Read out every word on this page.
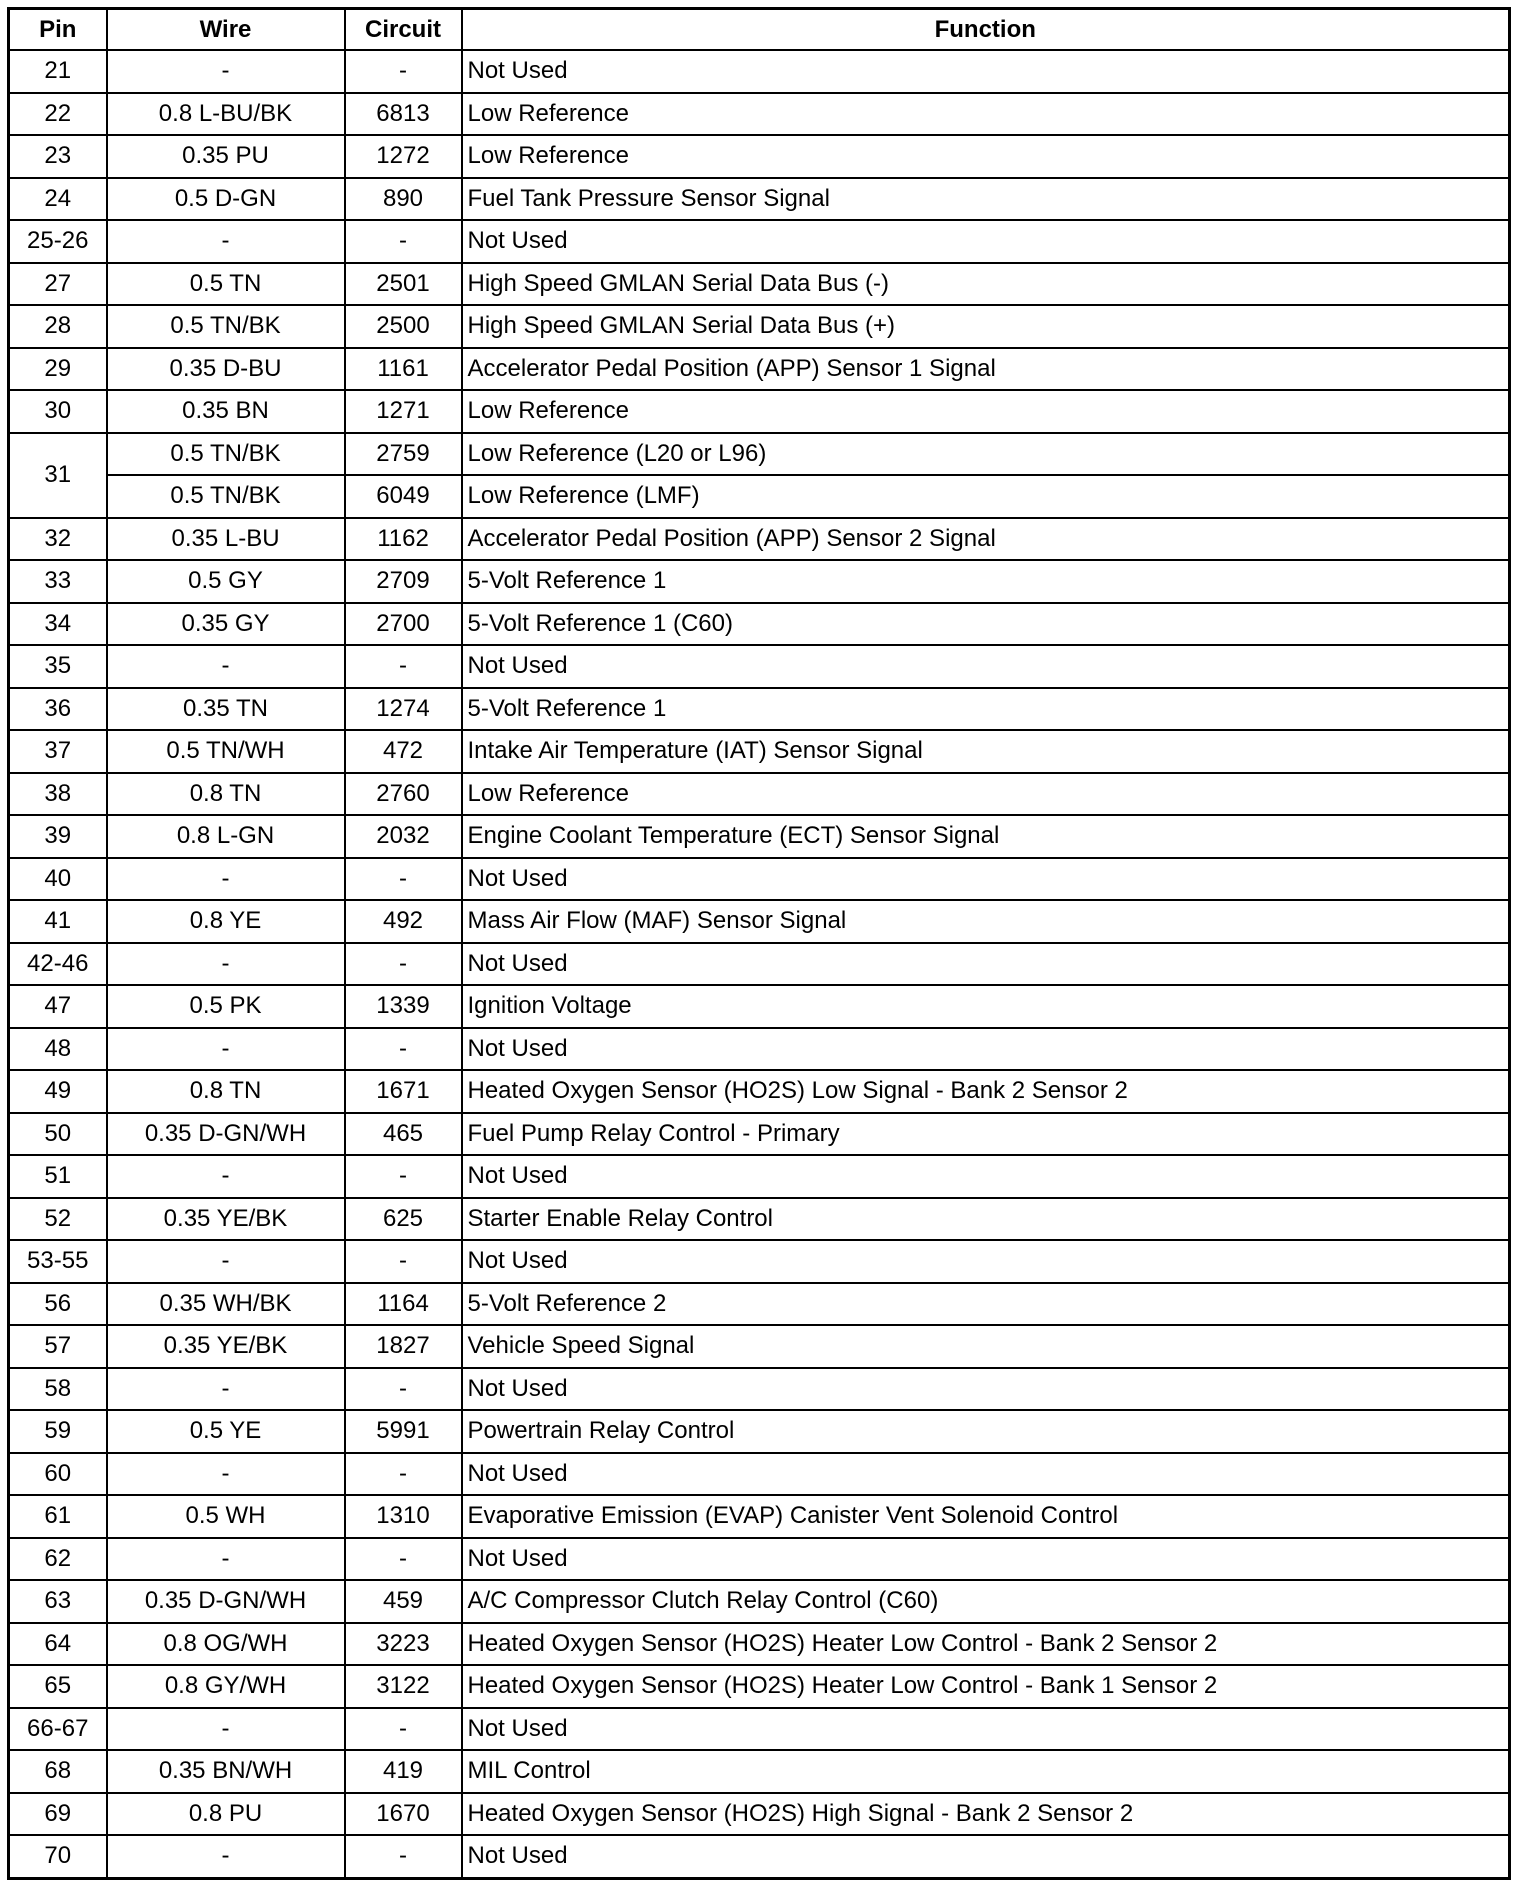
Pin	Wire	Circuit	Function
21	-	-	Not Used
22	0.8 L-BU/BK	6813	Low Reference
23	0.35 PU	1272	Low Reference
24	0.5 D-GN	890	Fuel Tank Pressure Sensor Signal
25-26	-	-	Not Used
27	0.5 TN	2501	High Speed GMLAN Serial Data Bus (-)
28	0.5 TN/BK	2500	High Speed GMLAN Serial Data Bus (+)
29	0.35 D-BU	1161	Accelerator Pedal Position (APP) Sensor 1 Signal
30	0.35 BN	1271	Low Reference
31	0.5 TN/BK	2759	Low Reference (L20 or L96)
	0.5 TN/BK	6049	Low Reference (LMF)
32	0.35 L-BU	1162	Accelerator Pedal Position (APP) Sensor 2 Signal
33	0.5 GY	2709	5-Volt Reference 1
34	0.35 GY	2700	5-Volt Reference 1 (C60)
35	-	-	Not Used
36	0.35 TN	1274	5-Volt Reference 1
37	0.5 TN/WH	472	Intake Air Temperature (IAT) Sensor Signal
38	0.8 TN	2760	Low Reference
39	0.8 L-GN	2032	Engine Coolant Temperature (ECT) Sensor Signal
40	-	-	Not Used
41	0.8 YE	492	Mass Air Flow (MAF) Sensor Signal
42-46	-	-	Not Used
47	0.5 PK	1339	Ignition Voltage
48	-	-	Not Used
49	0.8 TN	1671	Heated Oxygen Sensor (HO2S) Low Signal - Bank 2 Sensor 2
50	0.35 D-GN/WH	465	Fuel Pump Relay Control - Primary
51	-	-	Not Used
52	0.35 YE/BK	625	Starter Enable Relay Control
53-55	-	-	Not Used
56	0.35 WH/BK	1164	5-Volt Reference 2
57	0.35 YE/BK	1827	Vehicle Speed Signal
58	-	-	Not Used
59	0.5 YE	5991	Powertrain Relay Control
60	-	-	Not Used
61	0.5 WH	1310	Evaporative Emission (EVAP) Canister Vent Solenoid Control
62	-	-	Not Used
63	0.35 D-GN/WH	459	A/C Compressor Clutch Relay Control (C60)
64	0.8 OG/WH	3223	Heated Oxygen Sensor (HO2S) Heater Low Control - Bank 2 Sensor 2
65	0.8 GY/WH	3122	Heated Oxygen Sensor (HO2S) Heater Low Control - Bank 1 Sensor 2
66-67	-	-	Not Used
68	0.35 BN/WH	419	MIL Control
69	0.8 PU	1670	Heated Oxygen Sensor (HO2S) High Signal - Bank 2 Sensor 2
70	-	-	Not Used
